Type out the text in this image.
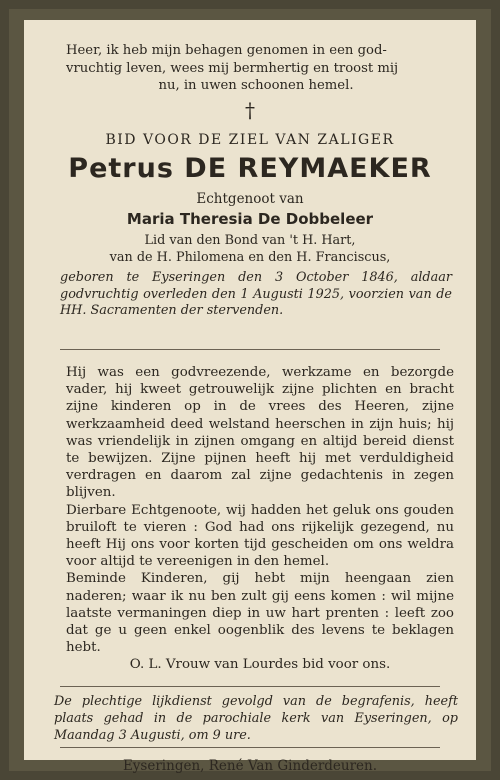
Heer, ik heb mijn behagen genomen in een god-

vruchtig leven, wees mij bermhertig en troost mij

nu, in uwen schoonen hemel.

†
BID VOOR DE ZIEL VAN ZALIGER
Petrus DE REYMAEKER
Echtgenoot van
Maria Theresia De Dobbeleer
Lid van den Bond van 't H. Hart,
van de H. Philomena en den H. Franciscus,
geboren te Eyseringen den 3 October 1846, aldaar godvruchtig overleden den 1 Augusti 1925, voorzien van de HH. Sacramenten der stervenden.

Hij was een godvreezende, werkzame en bezorgde vader, hij kweet getrouwelijk zijne plichten en bracht zijne kinderen op in de vrees des Heeren, zijne werkzaamheid deed welstand heerschen in zijn huis; hij was vriendelijk in zijnen omgang en altijd bereid dienst te bewijzen. Zijne pijnen heeft hij met verduldigheid verdragen en daarom zal zijne gedachtenis in zegen blijven.

Dierbare Echtgenoote, wij hadden het geluk ons gouden bruiloft te vieren : God had ons rijkelijk gezegend, nu heeft Hij ons voor korten tijd gescheiden om ons weldra voor altijd te vereenigen in den hemel.

Beminde Kinderen, gij hebt mijn heengaan zien naderen; waar ik nu ben zult gij eens komen : wil mijne laatste vermaningen diep in uw hart prenten : leeft zoo dat ge u geen enkel oogenblik des levens te beklagen hebt.

O. L. Vrouw van Lourdes bid voor ons.

De plechtige lijkdienst gevolgd van de begrafenis, heeft plaats gehad in de parochiale kerk van Eyseringen, op Maandag 3 Augusti, om 9 ure.
Eyseringen, René Van Ginderdeuren.
